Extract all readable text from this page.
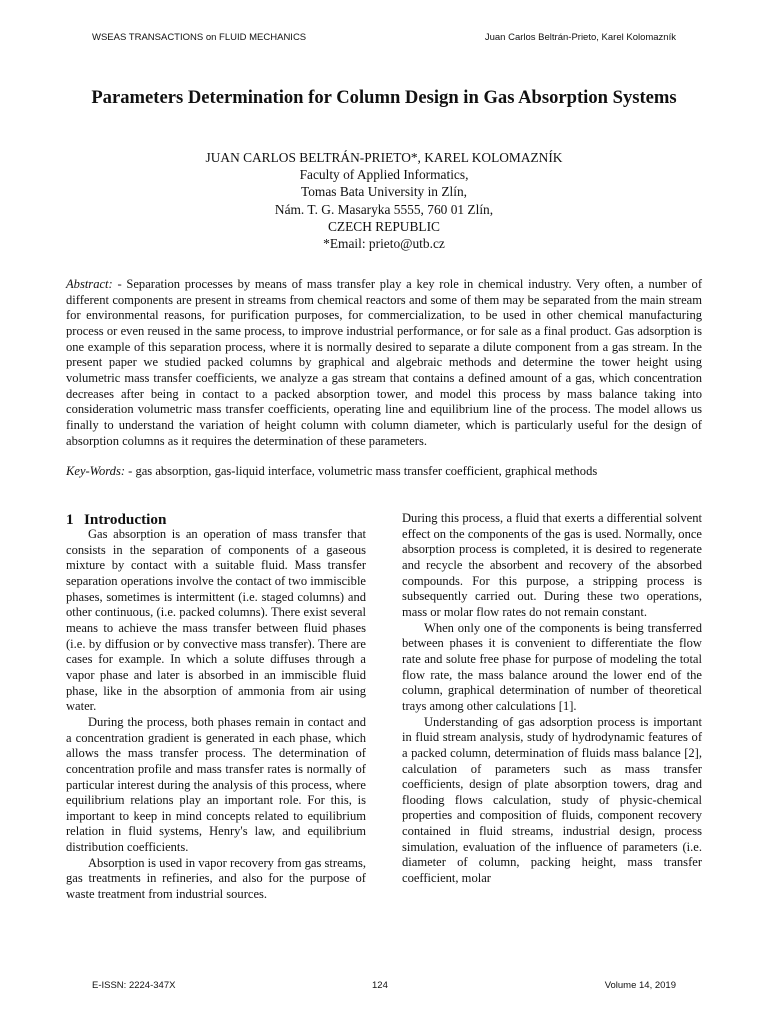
WSEAS TRANSACTIONS on FLUID MECHANICS	Juan Carlos Beltrán-Prieto, Karel Kolomazník
Parameters Determination for Column Design in Gas Absorption Systems
JUAN CARLOS BELTRÁN-PRIETO*, KAREL KOLOMAZNÍK
Faculty of Applied Informatics,
Tomas Bata University in Zlín,
Nám. T. G. Masaryka 5555, 760 01 Zlín,
CZECH REPUBLIC
*Email: prieto@utb.cz

Abstract: - Separation processes by means of mass transfer play a key role in chemical industry. Very often, a number of different components are present in streams from chemical reactors and some of them may be separated from the main stream for environmental reasons, for purification purposes, for commercialization, to be used in other chemical manufacturing process or even reused in the same process, to improve industrial performance, or for sale as a final product. Gas adsorption is one example of this separation process, where it is normally desired to separate a dilute component from a gas stream. In the present paper we studied packed columns by graphical and algebraic methods and determine the tower height using volumetric mass transfer coefficients, we analyze a gas stream that contains a defined amount of a gas, which concentration decreases after being in contact to a packed absorption tower, and model this process by mass balance taking into consideration volumetric mass transfer coefficients, operating line and equilibrium line of the process. The model allows us finally to understand the variation of height column with column diameter, which is particularly useful for the design of absorption columns as it requires the determination of these parameters.

Key-Words: - gas absorption, gas-liquid interface, volumetric mass transfer coefficient, graphical methods

1 Introduction

Gas absorption is an operation of mass transfer that consists in the separation of components of a gaseous mixture by contact with a suitable fluid. Mass transfer separation operations involve the contact of two immiscible phases, sometimes is intermittent (i.e. staged columns) and other continuous, (i.e. packed columns). There exist several means to achieve the mass transfer between fluid phases (i.e. by diffusion or by convective mass transfer). There are cases for example. In which a solute diffuses through a vapor phase and later is absorbed in an immiscible fluid phase, like in the absorption of ammonia from air using water.

During the process, both phases remain in contact and a concentration gradient is generated in each phase, which allows the mass transfer process. The determination of concentration profile and mass transfer rates is normally of particular interest during the analysis of this process, where equilibrium relations play an important role. For this, is important to keep in mind concepts related to equilibrium relation in fluid systems, Henry's law, and equilibrium distribution coefficients.

Absorption is used in vapor recovery from gas streams, gas treatments in refineries, and also for the purpose of waste treatment from industrial sources.

During this process, a fluid that exerts a differential solvent effect on the components of the gas is used. Normally, once absorption process is completed, it is desired to regenerate and recycle the absorbent and recovery of the absorbed compounds. For this purpose, a stripping process is subsequently carried out. During these two operations, mass or molar flow rates do not remain constant.

When only one of the components is being transferred between phases it is convenient to differentiate the flow rate and solute free phase for purpose of modeling the total flow rate, the mass balance around the lower end of the column, graphical determination of number of theoretical trays among other calculations [1].

Understanding of gas adsorption process is important in fluid stream analysis, study of hydrodynamic features of a packed column, determination of fluids mass balance [2], calculation of parameters such as mass transfer coefficients, design of plate absorption towers, drag and flooding flows calculation, study of physic-chemical properties and composition of fluids, component recovery contained in fluid streams, industrial design, process simulation, evaluation of the influence of parameters (i.e. diameter of column, packing height, mass transfer coefficient, molar

E-ISSN: 2224-347X	124	Volume 14, 2019
